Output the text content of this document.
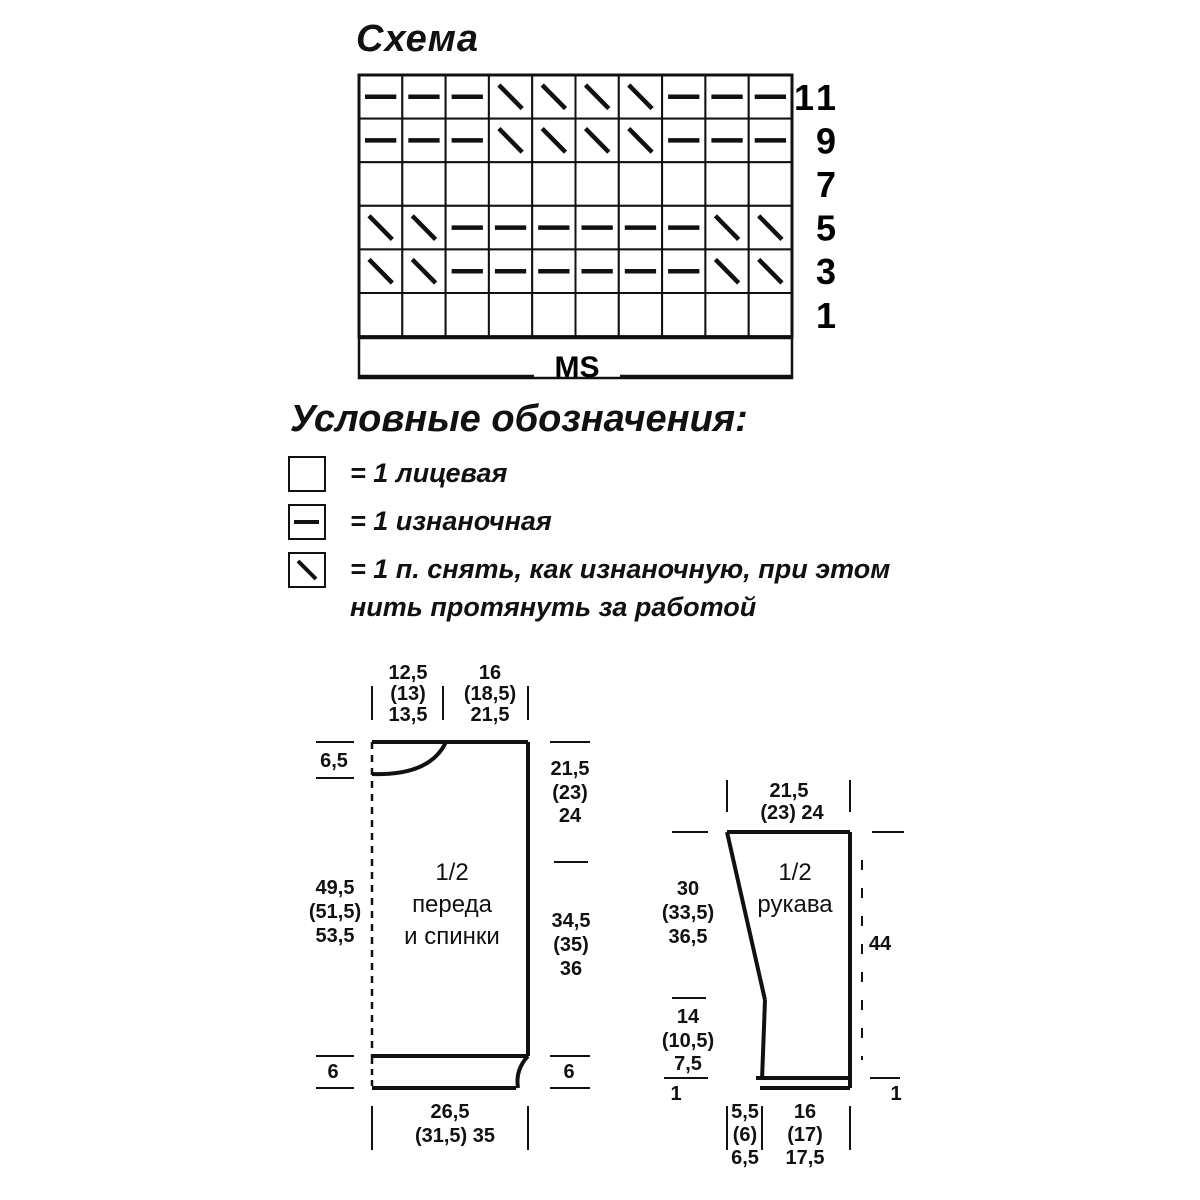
Схема
11
9
7
5
3
1
MS
Условные обозначения:
= 1 лицевая
= 1 изнаночная
= 1 п. снять, как изнаночную, при этом
нить протянуть за работой
12,5
(13)
13,5
16
(18,5)
21,5
6,5
49,5
(51,5)
53,5
6
21,5
(23)
24
34,5
(35)
36
6
26,5
(31,5) 35
1/2
переда
и спинки
21,5
(23) 24
30
(33,5)
36,5
14
(10,5)
7,5
1
44
1
5,5
(6)
6,5
16
(17)
17,5
1/2
рукава
